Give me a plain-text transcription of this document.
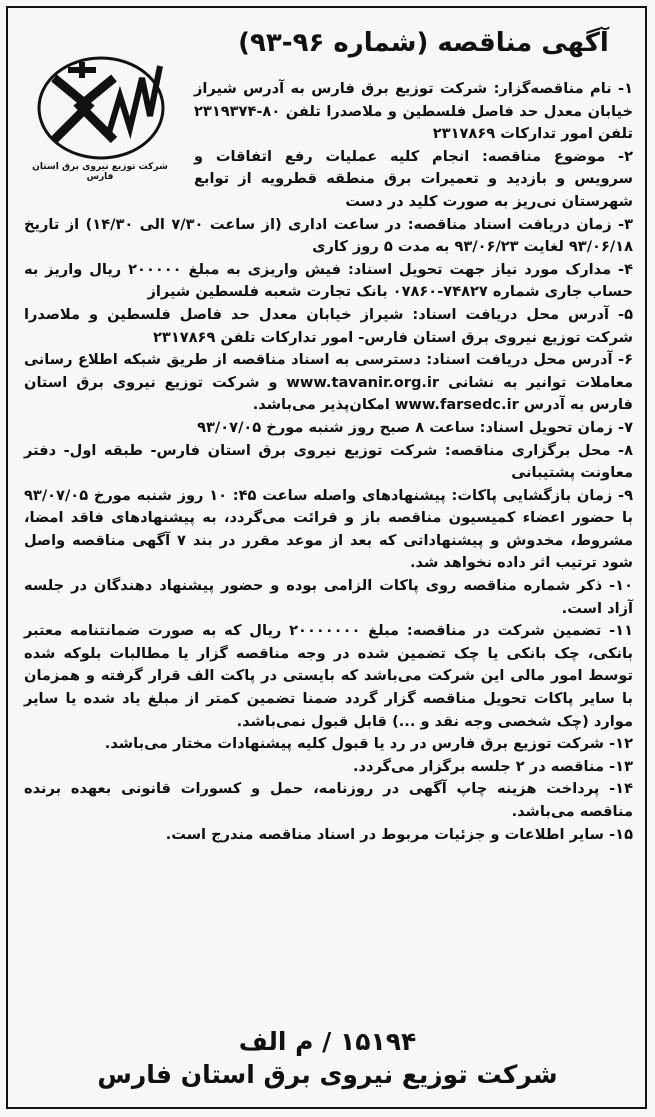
آگهی مناقصه (شماره ۹۶-۹۳)
شرکت توزیع نیروی برق استان فارس

۱- نام مناقصه‌گزار: شرکت توزیع برق فارس به آدرس شیراز خیابان معدل حد فاصل فلسطین و ملاصدرا تلفن ۸۰-۲۳۱۹۳۷۴ تلفن امور تدارکات ۲۳۱۷۸۶۹

۲- موضوع مناقصه: انجام کلیه عملیات رفع اتفاقات و سرویس و بازدید و تعمیرات برق منطقه قطرویه از توابع شهرستان نی‌ریز به صورت کلید در دست

۳- زمان دریافت اسناد مناقصه: در ساعت اداری (از ساعت ۷/۳۰ الی ۱۴/۳۰) از تاریخ ۹۳/۰۶/۱۸ لغایت ۹۳/۰۶/۲۳ به مدت ۵ روز کاری

۴- مدارک مورد نیاز جهت تحویل اسناد: فیش واریزی به مبلغ ۲۰۰۰۰۰ ریال واریز به حساب جاری شماره ۷۴۸۲۷-۰۷۸۶۰ بانک تجارت شعبه فلسطین شیراز

۵- آدرس محل دریافت اسناد: شیراز خیابان معدل حد فاصل فلسطین و ملاصدرا شرکت توزیع نیروی برق استان فارس- امور تدارکات تلفن ۲۳۱۷۸۶۹

۶- آدرس محل دریافت اسناد: دسترسی به اسناد مناقصه از طریق شبکه اطلاع رسانی معاملات توانیر به نشانی www.tavanir.org.ir و شرکت توزیع نیروی برق استان فارس به آدرس www.farsedc.ir امکان‌پذیر می‌باشد.

۷- زمان تحویل اسناد: ساعت ۸ صبح روز شنبه مورخ ۹۳/۰۷/۰۵

۸- محل برگزاری مناقصه: شرکت توزیع نیروی برق استان فارس- طبقه اول- دفتر معاونت پشتیبانی

۹- زمان بازگشایی پاکات: پیشنهادهای واصله ساعت ۴۵: ۱۰ روز شنبه مورخ ۹۳/۰۷/۰۵ با حضور اعضاء کمیسیون مناقصه باز و قرائت می‌گردد، به پیشنهادهای فاقد امضا، مشروط، مخدوش و پیشنهاداتی که بعد از موعد مقرر در بند ۷ آگهی مناقصه واصل شود ترتیب اثر داده نخواهد شد.

۱۰- ذکر شماره مناقصه روی پاکات الزامی بوده و حضور پیشنهاد دهندگان در جلسه آزاد است.

۱۱- تضمین شرکت در مناقصه: مبلغ ۲۰۰۰۰۰۰۰ ریال که به صورت ضمانتنامه معتبر بانکی، چک بانکی یا چک تضمین شده در وجه مناقصه گزار یا مطالبات بلوکه شده توسط امور مالی این شرکت می‌باشد که بایستی در پاکت الف قرار گرفته و همزمان با سایر پاکات تحویل مناقصه گزار گردد ضمنا تضمین کمتر از مبلغ یاد شده یا سایر موارد (چک شخصی وجه نقد و ...) قابل قبول نمی‌باشد.

۱۲- شرکت توزیع برق فارس در رد یا قبول کلیه پیشنهادات مختار می‌باشد.

۱۳- مناقصه در ۲ جلسه برگزار می‌گردد.

۱۴- پرداخت هزینه چاپ آگهی در روزنامه، حمل و کسورات قانونی بعهده برنده مناقصه می‌باشد.

۱۵- سایر اطلاعات و جزئیات مربوط در اسناد مناقصه مندرج است.

۱۵۱۹۴ / م الف
شرکت توزیع نیروی برق استان فارس
